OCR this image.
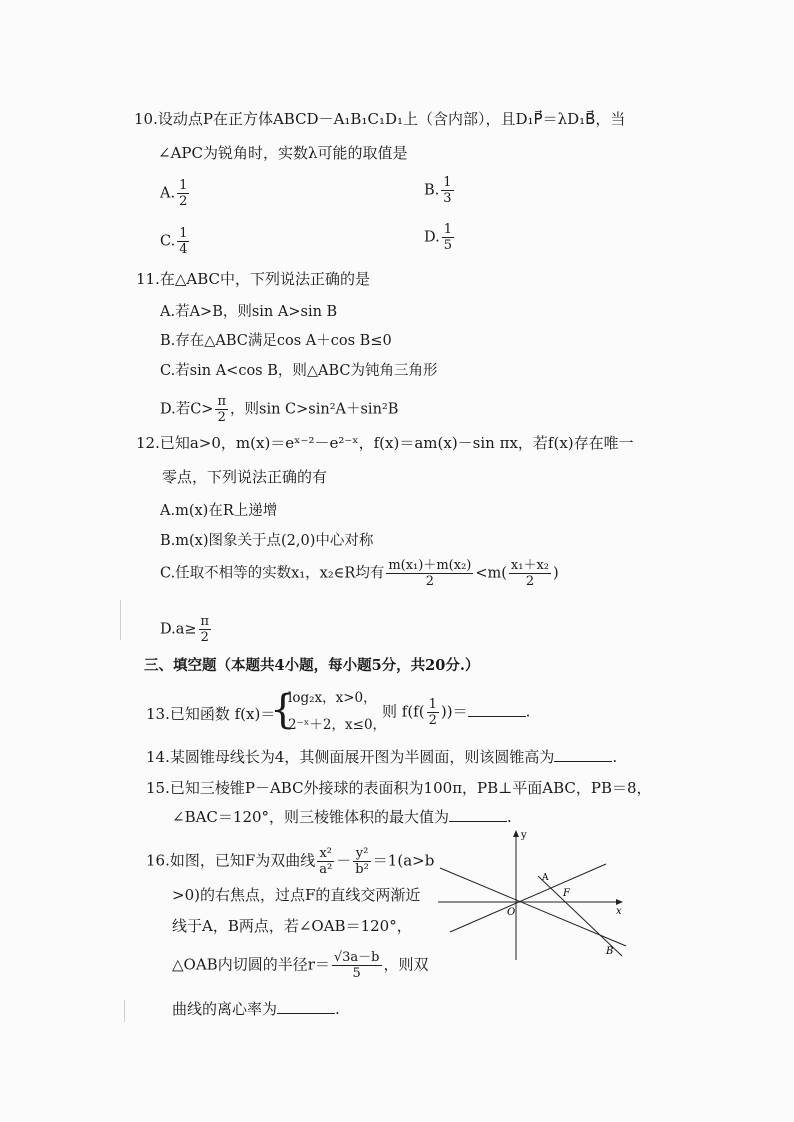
10.设动点P在正方体ABCD－A₁B₁C₁D₁上（含内部），且D₁P⃗＝λD₁B⃗，当
∠APC为锐角时，实数λ可能的取值是
A. $\frac{1}{2}$	B. $\frac{1}{3}$
C. $\frac{1}{4}$	D. $\frac{1}{5}$
11.在△ABC中，下列说法正确的是
A.若A>B，则sin A>sin B
B.存在△ABC满足cos A＋cos B≤0
C.若sin A<cos B，则△ABC为钝角三角形
D.若$C> \frac{\pi}{2}$ ，则sin C>sin²A＋sin²B
12.已知a>0，m(x)＝eˣ⁻²－e²⁻ˣ，f(x)＝am(x)－sin πx，若f(x)存在唯一
零点，下列说法正确的有
A.m(x)在R上递增
B.m(x)图象关于点(2,0)中心对称
C.任取不相等的实数x₁，x₂∈R均有 $\frac{\text{m(x₁)＋m(x₂)}}{2} <m( \frac{\text{x₁＋x₂}}{2}$ )
$D.a\ge \frac{\pi}{2}$
三、填空题（本题共4小题，每小题5分，共20分.）
13.已知函数 f(x)＝
{
log₂x，x>0，
2⁻ˣ＋2，x≤0，
则 $f(f( \frac{1}{2}$ ))＝	.
14.某圆锥母线长为4，其侧面展开图为半圆面，则该圆锥高为	.
15.已知三棱锥P－ABC外接球的表面积为100π，PB⊥平面ABC，PB＝8，
∠BAC＝120°，则三棱锥体积的最大值为	.
16.如图，已知F为双曲线 $\frac{\text{x²}}{\text{a²}} - \frac{\text{y²}}{\text{b²}} =1(a>b$
>0)的右焦点，过点F的直线交两渐近
线于A，B两点，若∠OAB＝120°，
△OAB内切圆的半径$r= \frac{√3a-b}{5}$ ，则双
曲线的离心率为	.
y
x
O
A
F
B
